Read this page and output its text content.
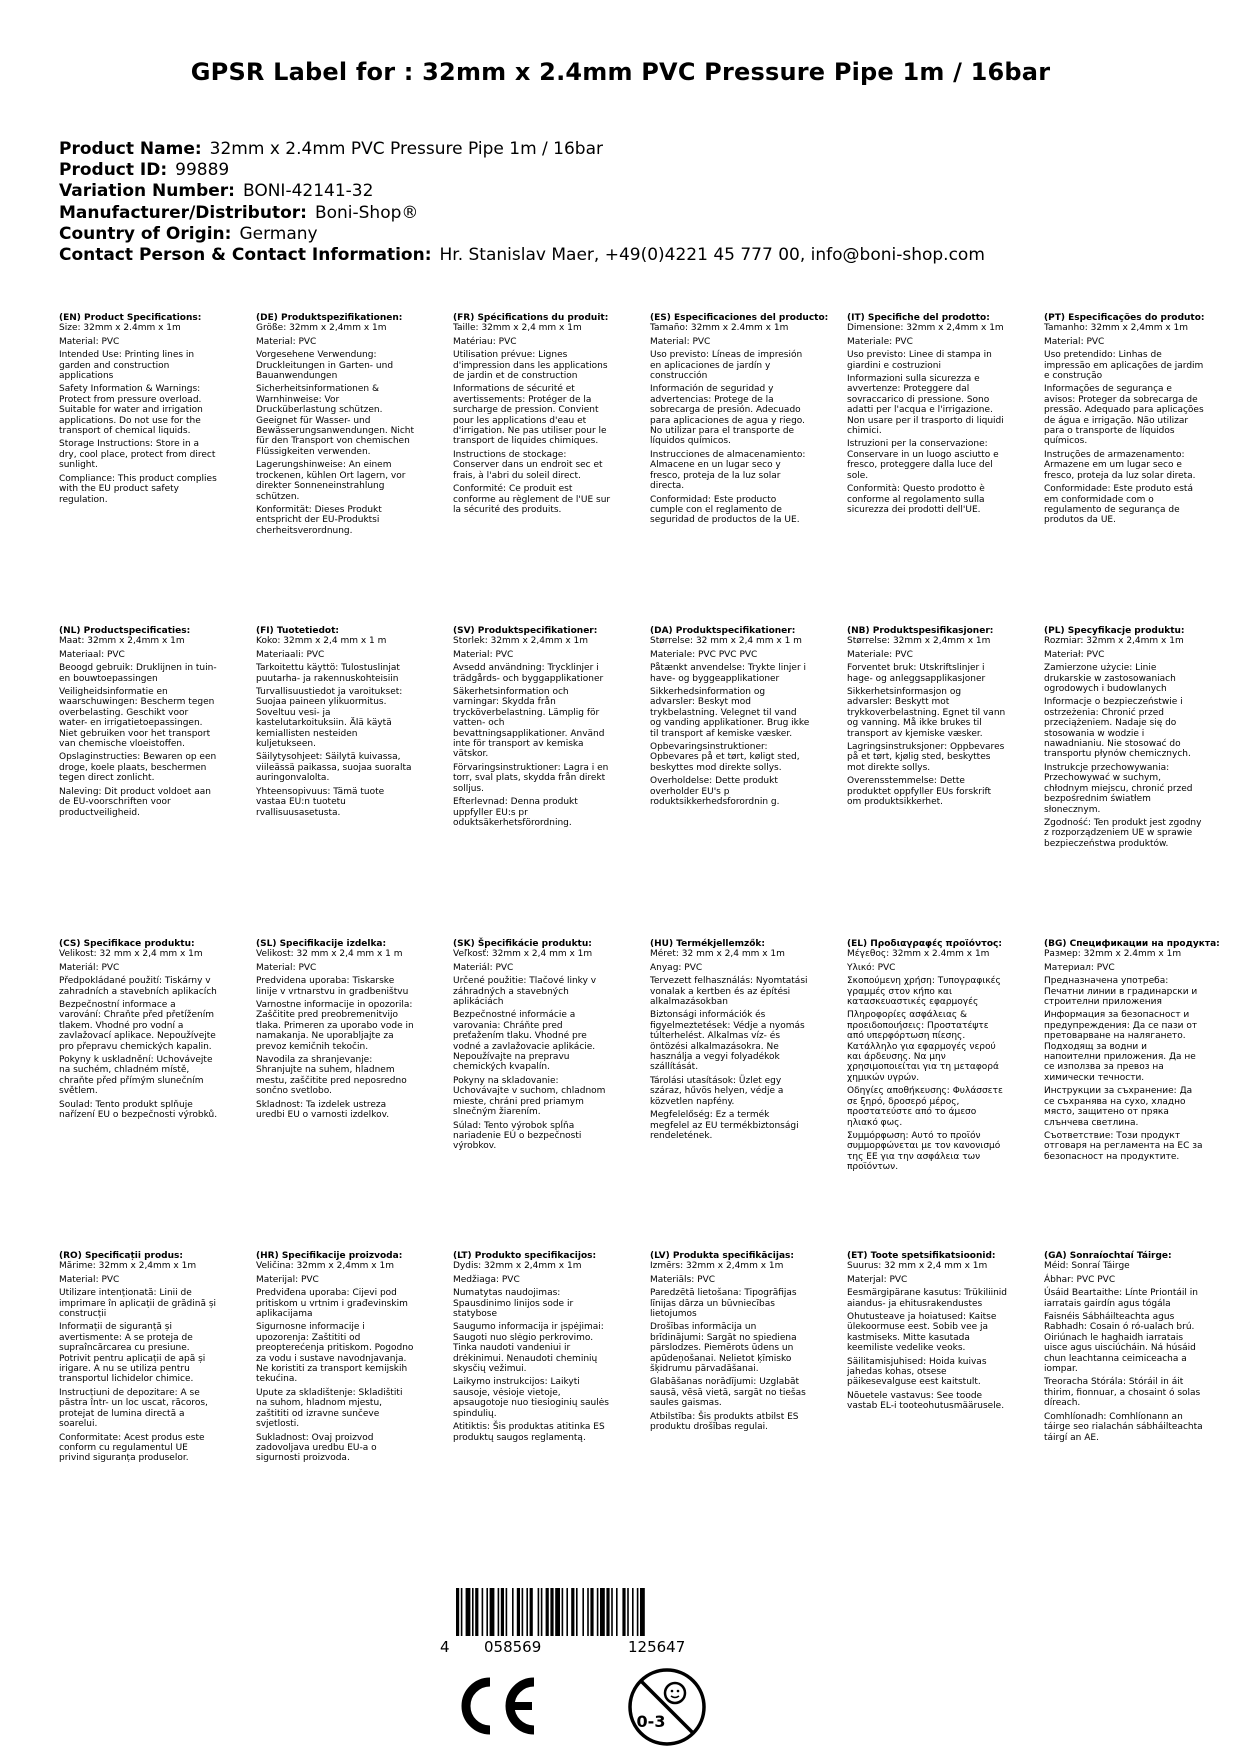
GPSR Label for : 32mm x 2.4mm PVC Pressure Pipe 1m / 16bar
Product Name: 32mm x 2.4mm PVC Pressure Pipe 1m / 16bar
Product ID: 99889
Variation Number: BONI-42141-32
Manufacturer/Distributor: Boni-Shop®
Country of Origin: Germany
Contact Person & Contact Information: Hr. Stanislav Maer, +49(0)4221 45 777 00, info@boni-shop.com
(EN) Product Specifications:

Size: 32mm x 2.4mm x 1m

Material: PVC

Intended Use: Printing lines in garden and construction applications

Safety Information & Warnings: Protect from pressure overload. Suitable for water and irrigation applications. Do not use for the transport of chemical liquids.

Storage Instructions: Store in a dry, cool place, protect from direct sunlight.

Compliance: This product complies with the EU product safety regulation.

(DE) Produktspezifikationen:

Größe: 32mm x 2,4mm x 1m

Material: PVC

Vorgesehene Verwendung: Druckleitungen in Garten- und Bauanwendungen

Sicherheitsinformationen & Warnhinweise: Vor Drucküberlastung schützen. Geeignet für Wasser- und Bewässerungsanwendungen. Nicht für den Transport von chemischen Flüssigkeiten verwenden.

Lagerungshinweise: An einem trockenen, kühlen Ort lagern, vor direkter Sonneneinstrahlung schützen.

Konformität: Dieses Produkt entspricht der EU-Produktsi cherheitsverordnung.

(FR) Spécifications du produit:

Taille: 32mm x 2,4 mm x 1m

Matériau: PVC

Utilisation prévue: Lignes d'impression dans les applications de jardin et de construction

Informations de sécurité et avertissements: Protéger de la surcharge de pression. Convient pour les applications d'eau et d'irrigation. Ne pas utiliser pour le transport de liquides chimiques.

Instructions de stockage: Conserver dans un endroit sec et frais, à l'abri du soleil direct.

Conformité: Ce produit est conforme au règlement de l'UE sur la sécurité des produits.

(ES) Especificaciones del producto:

Tamaño: 32mm x 2.4mm x 1m

Material: PVC

Uso previsto: Líneas de impresión en aplicaciones de jardín y construcción

Información de seguridad y advertencias: Protege de la sobrecarga de presión. Adecuado para aplicaciones de agua y riego. No utilizar para el transporte de líquidos químicos.

Instrucciones de almacenamiento: Almacene en un lugar seco y fresco, proteja de la luz solar directa.

Conformidad: Este producto cumple con el reglamento de seguridad de productos de la UE.

(IT) Specifiche del prodotto:

Dimensione: 32mm x 2,4mm x 1m

Materiale: PVC

Uso previsto: Linee di stampa in giardini e costruzioni

Informazioni sulla sicurezza e avvertenze: Proteggere dal sovraccarico di pressione. Sono adatti per l'acqua e l'irrigazione. Non usare per il trasporto di liquidi chimici.

Istruzioni per la conservazione: Conservare in un luogo asciutto e fresco, proteggere dalla luce del sole.

Conformità: Questo prodotto è conforme al regolamento sulla sicurezza dei prodotti dell'UE.

(PT) Especificações do produto:

Tamanho: 32mm x 2,4mm x 1m

Material: PVC

Uso pretendido: Linhas de impressão em aplicações de jardim e construção

Informações de segurança e avisos: Proteger da sobrecarga de pressão. Adequado para aplicações de água e irrigação. Não utilizar para o transporte de líquidos químicos.

Instruções de armazenamento: Armazene em um lugar seco e fresco, proteja da luz solar direta.

Conformidade: Este produto está em conformidade com o regulamento de segurança de produtos da UE.

(NL) Productspecificaties:

Maat: 32mm x 2,4mm x 1m

Materiaal: PVC

Beoogd gebruik: Druklijnen in tuin- en bouwtoepassingen

Veiligheidsinformatie en waarschuwingen: Bescherm tegen overbelasting. Geschikt voor water- en irrigatietoepassingen. Niet gebruiken voor het transport van chemische vloeistoffen.

Opslaginstructies: Bewaren op een droge, koele plaats, beschermen tegen direct zonlicht.

Naleving: Dit product voldoet aan de EU-voorschriften voor productveiligheid.

(FI) Tuotetiedot:

Koko: 32mm x 2,4 mm x 1 m

Materiaali: PVC

Tarkoitettu käyttö: Tulostuslinjat puutarha- ja rakennuskohteisiin

Turvallisuustiedot ja varoitukset: Suojaa paineen ylikuormitus. Soveltuu vesi- ja kastelutarkoituksiin. Älä käytä kemiallisten nesteiden kuljetukseen.

Säilytysohjeet: Säilytä kuivassa, viileässä paikassa, suojaa suoralta auringonvalolta.

Yhteensopivuus: Tämä tuote vastaa EU:n tuotetu rvallisuusasetusta.

(SV) Produktspecifikationer:

Storlek: 32mm x 2,4mm x 1m

Material: PVC

Avsedd användning: Trycklinjer i trädgårds- och byggapplikationer

Säkerhetsinformation och varningar: Skydda från trycköverbelastning. Lämplig för vatten- och bevattningsapplikationer. Använd inte för transport av kemiska vätskor.

Förvaringsinstruktioner: Lagra i en torr, sval plats, skydda från direkt solljus.

Efterlevnad: Denna produkt uppfyller EU:s pr oduktsäkerhetsförordning.

(DA) Produktspecifikationer:

Størrelse: 32 mm x 2,4 mm x 1 m

Materiale: PVC PVC PVC

Påtænkt anvendelse: Trykte linjer i have- og byggeapplikationer

Sikkerhedsinformation og advarsler: Beskyt mod trykbelastning. Velegnet til vand og vanding applikationer. Brug ikke til transport af kemiske væsker.

Opbevaringsinstruktioner: Opbevares på et tørt, køligt sted, beskyttes mod direkte sollys.

Overholdelse: Dette produkt overholder EU's p roduktsikkerhedsforordnin g.

(NB) Produktspesifikasjoner:

Størrelse: 32mm x 2,4mm x 1m

Materiale: PVC

Forventet bruk: Utskriftslinjer i hage- og anleggsapplikasjoner

Sikkerhetsinformasjon og advarsler: Beskytt mot trykkoverbelastning. Egnet til vann og vanning. Må ikke brukes til transport av kjemiske væsker.

Lagringsinstruksjoner: Oppbevares på et tørt, kjølig sted, beskyttes mot direkte sollys.

Overensstemmelse: Dette produktet oppfyller EUs forskrift om produktsikkerhet.

(PL) Specyfikacje produktu:

Rozmiar: 32mm x 2,4mm x 1m

Materiał: PVC

Zamierzone użycie: Linie drukarskie w zastosowaniach ogrodowych i budowlanych

Informacje o bezpieczeństwie i ostrzeżenia: Chronić przed przeciążeniem. Nadaje się do stosowania w wodzie i nawadnianiu. Nie stosować do transportu płynów chemicznych.

Instrukcje przechowywania: Przechowywać w suchym, chłodnym miejscu, chronić przed bezpośrednim światłem słonecznym.

Zgodność: Ten produkt jest zgodny z rozporządzeniem UE w sprawie bezpieczeństwa produktów.

(CS) Specifikace produktu:

Velikost: 32 mm x 2,4 mm x 1m

Materiál: PVC

Předpokládané použití: Tiskárny v zahradních a stavebních aplikacích

Bezpečnostní informace a varování: Chraňte před přetížením tlakem. Vhodné pro vodní a zavlažovací aplikace. Nepoužívejte pro přepravu chemických kapalin.

Pokyny k uskladnění: Uchovávejte na suchém, chladném místě, chraňte před přímým slunečním světlem.

Soulad: Tento produkt splňuje nařízení EU o bezpečnosti výrobků.

(SL) Specifikacije izdelka:

Velikost: 32 mm x 2,4 mm x 1 m

Material: PVC

Predvidena uporaba: Tiskarske linije v vrtnarstvu in gradbeništvu

Varnostne informacije in opozorila: Zaščitite pred preobremenitvijo tlaka. Primeren za uporabo vode in namakanja. Ne uporabljajte za prevoz kemičnih tekočin.

Navodila za shranjevanje: Shranjujte na suhem, hladnem mestu, zaščitite pred neposredno sončno svetlobo.

Skladnost: Ta izdelek ustreza uredbi EU o varnosti izdelkov.

(SK) Špecifikácie produktu:

Veľkosť: 32mm x 2,4 mm x 1m

Materiál: PVC

Určené použitie: Tlačové linky v záhradných a stavebných aplikáciách

Bezpečnostné informácie a varovania: Chráňte pred preťažením tlaku. Vhodné pre vodné a zavlažovacie aplikácie. Nepoužívajte na prepravu chemických kvapalín.

Pokyny na skladovanie: Uchovávajte v suchom, chladnom mieste, chráni pred priamym slnečným žiarením.

Súlad: Tento výrobok spĺňa nariadenie EÚ o bezpečnosti výrobkov.

(HU) Termékjellemzők:

Méret: 32 mm x 2,4 mm x 1m

Anyag: PVC

Tervezett felhasználás: Nyomtatási vonalak a kertben és az építési alkalmazásokban

Biztonsági információk és figyelmeztetések: Védje a nyomás túlterhelést. Alkalmas víz- és öntözési alkalmazásokra. Ne használja a vegyi folyadékok szállítását.

Tárolási utasítások: Üzlet egy száraz, hűvös helyen, védje a közvetlen napfény.

Megfelelőség: Ez a termék megfelel az EU termékbiztonsági rendeletének.

(EL) Προδιαγραφές προϊόντος:

Μέγεθος: 32mm x 2.4mm x 1m

Υλικό: PVC

Σκοπούμενη χρήση: Τυπογραφικές γραμμές στον κήπο και κατασκευαστικές εφαρμογές

Πληροφορίες ασφάλειας & προειδοποιήσεις: Προστατέψτε από υπερφόρτωση πίεσης. Κατάλληλο για εφαρμογές νερού και άρδευσης. Να μην χρησιμοποιείται για τη μεταφορά χημικών υγρών.

Οδηγίες αποθήκευσης: Φυλάσσετε σε ξηρό, δροσερό μέρος, προστατεύστε από το άμεσο ηλιακό φως.

Συμμόρφωση: Αυτό το προϊόν συμμορφώνεται με τον κανονισμό της ΕΕ για την ασφάλεια των προϊόντων.

(BG) Спецификации на продукта:

Размер: 32mm x 2.4mm x 1m

Материал: PVC

Предназначена употреба: Печатни линии в градинарски и строителни приложения

Информация за безопасност и предупреждения: Да се пази от претоварване на налягането. Подходящ за водни и напоителни приложения. Да не се използва за превоз на химически течности.

Инструкции за съхранение: Да се съхранява на сухо, хладно място, защитено от пряка слънчева светлина.

Съответствие: Този продукт отговаря на регламента на ЕС за безопасност на продуктите.

(RO) Specificații produs:

Mărime: 32mm x 2,4mm x 1m

Material: PVC

Utilizare intenționată: Linii de imprimare în aplicații de grădină și construcții

Informații de siguranță și avertismente: A se proteja de supraîncărcarea cu presiune. Potrivit pentru aplicații de apă și irigare. A nu se utiliza pentru transportul lichidelor chimice.

Instrucțiuni de depozitare: A se păstra într- un loc uscat, răcoros, protejat de lumina directă a soarelui.

Conformitate: Acest produs este conform cu regulamentul UE privind siguranța produselor.

(HR) Specifikacije proizvoda:

Veličina: 32mm x 2,4mm x 1m

Materijal: PVC

Predviđena uporaba: Cijevi pod pritiskom u vrtnim i građevinskim aplikacijama

Sigurnosne informacije i upozorenja: Zaštititi od preopterećenja pritiskom. Pogodno za vodu i sustave navodnjavanja. Ne koristiti za transport kemijskih tekućina.

Upute za skladištenje: Skladištiti na suhom, hladnom mjestu, zaštititi od izravne sunčeve svjetlosti.

Sukladnost: Ovaj proizvod zadovoljava uredbu EU-a o sigurnosti proizvoda.

(LT) Produkto specifikacijos:

Dydis: 32mm x 2,4mm x 1m

Medžiaga: PVC

Numatytas naudojimas: Spausdinimo linijos sode ir statybose

Saugumo informacija ir įspėjimai: Saugoti nuo slėgio perkrovimo. Tinka naudoti vandeniui ir drėkinimui. Nenaudoti cheminių skysčių vežimui.

Laikymo instrukcijos: Laikyti sausoje, vėsioje vietoje, apsaugotoje nuo tiesioginių saulės spindulių.

Atitiktis: Šis produktas atitinka ES produktų saugos reglamentą.

(LV) Produkta specifikācijas:

Izmērs: 32mm x 2,4mm x 1m

Materiāls: PVC

Paredzētā lietošana: Tipogrāfijas līnijas dārza un būvniecības lietojumos

Drošības informācija un brīdinājumi: Sargāt no spiediena pārslodzes. Piemērots ūdens un apūdeņošanai. Nelietot ķīmisko šķidrumu pārvadāšanai.

Glabāšanas norādījumi: Uzglabāt sausā, vēsā vietā, sargāt no tiešas saules gaismas.

Atbilstība: Šis produkts atbilst ES produktu drošības regulai.

(ET) Toote spetsifikatsioonid:

Suurus: 32 mm x 2,4 mm x 1m

Materjal: PVC

Eesmärgipärane kasutus: Trükiliinid aiandus- ja ehitusrakendustes

Ohutusteave ja hoiatused: Kaitse ülekoormuse eest. Sobib vee ja kastmiseks. Mitte kasutada keemiliste vedelike veoks.

Säilitamisjuhised: Hoida kuivas jahedas kohas, otsese päikesevalguse eest kaitstult.

Nõuetele vastavus: See toode vastab EL-i tooteohutusmäärusele.

(GA) Sonraíochtaí Táirge:

Méid: Sonraí Táirge

Ábhar: PVC PVC

Úsáid Beartaithe: Línte Priontáil in iarratais gairdín agus tógála

Faisnéis Sábháilteachta agus Rabhadh: Cosain ó ró-ualach brú. Oiriúnach le haghaidh iarratais uisce agus uisciúcháin. Ná húsáid chun leachtanna ceimiceacha a iompar.

Treoracha Stórála: Stóráil in áit thirim, fionnuar, a chosaint ó solas díreach.

Comhlíonadh: Comhlíonann an táirge seo rialachán sábháilteachta táirgí an AE.

4 058569	125647
0-3
